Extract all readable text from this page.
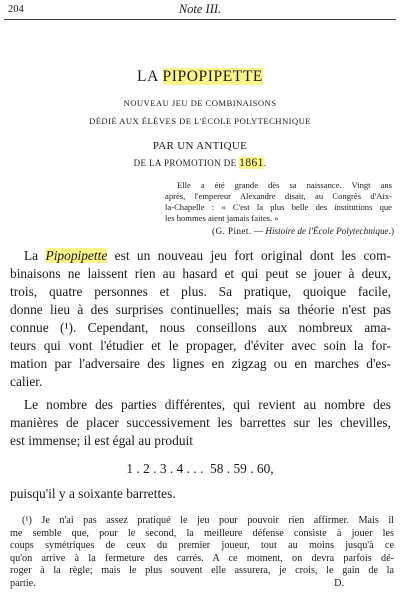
204	Note III.
LA PIPOPIPETTE
NOUVEAU JEU DE COMBINAISONS
DÉDIÉ AUX ÉLÈVES DE L'ÉCOLE POLYTECHNIQUE
PAR UN ANTIQUE
DE LA PROMOTION DE 1861.
Elle a été grande dès sa naissance. Vingt ans
après, l'empereur Alexandre disait, au Congrès d'Aix-
la-Chapelle : « C'est la plus belle des institutions que
les hommes aient jamais faites. »
(G. Pinet. — Histoire de l'École Polytechnique.)
La Pipopipette est un nouveau jeu fort original dont les com-
binaisons ne laissent rien au hasard et qui peut se jouer à deux,
trois, quatre personnes et plus. Sa pratique, quoique facile,
donne lieu à des surprises continuelles; mais sa théorie n'est pas
connue (¹). Cependant, nous conseillons aux nombreux ama-
teurs qui vont l'étudier et le propager, d'éviter avec soin la for-
mation par l'adversaire des lignes en zigzag ou en marches d'es-
calier.
Le nombre des parties différentes, qui revient au nombre des
manières de placer successivement les barrettes sur les chevilles,
est immense; il est égal au produit
1 . 2 . 3 . 4 . . .  58 . 59 . 60,
puisqu'il y a soixante barrettes.
(¹) Je n'ai pas assez pratiqué le jeu pour pouvoir rien affirmer. Mais il
me semble que, pour le second, la meilleure défense consiste à jouer les
coups symétriques de ceux du premier joueur, tout au moins jusqu'à ce
qu'on arrive à la fermeture des carrés. A ce moment, on devra parfois dé-
roger à la règle; mais le plus souvent elle assurera, je crois, le gain de la
partie.	D.
